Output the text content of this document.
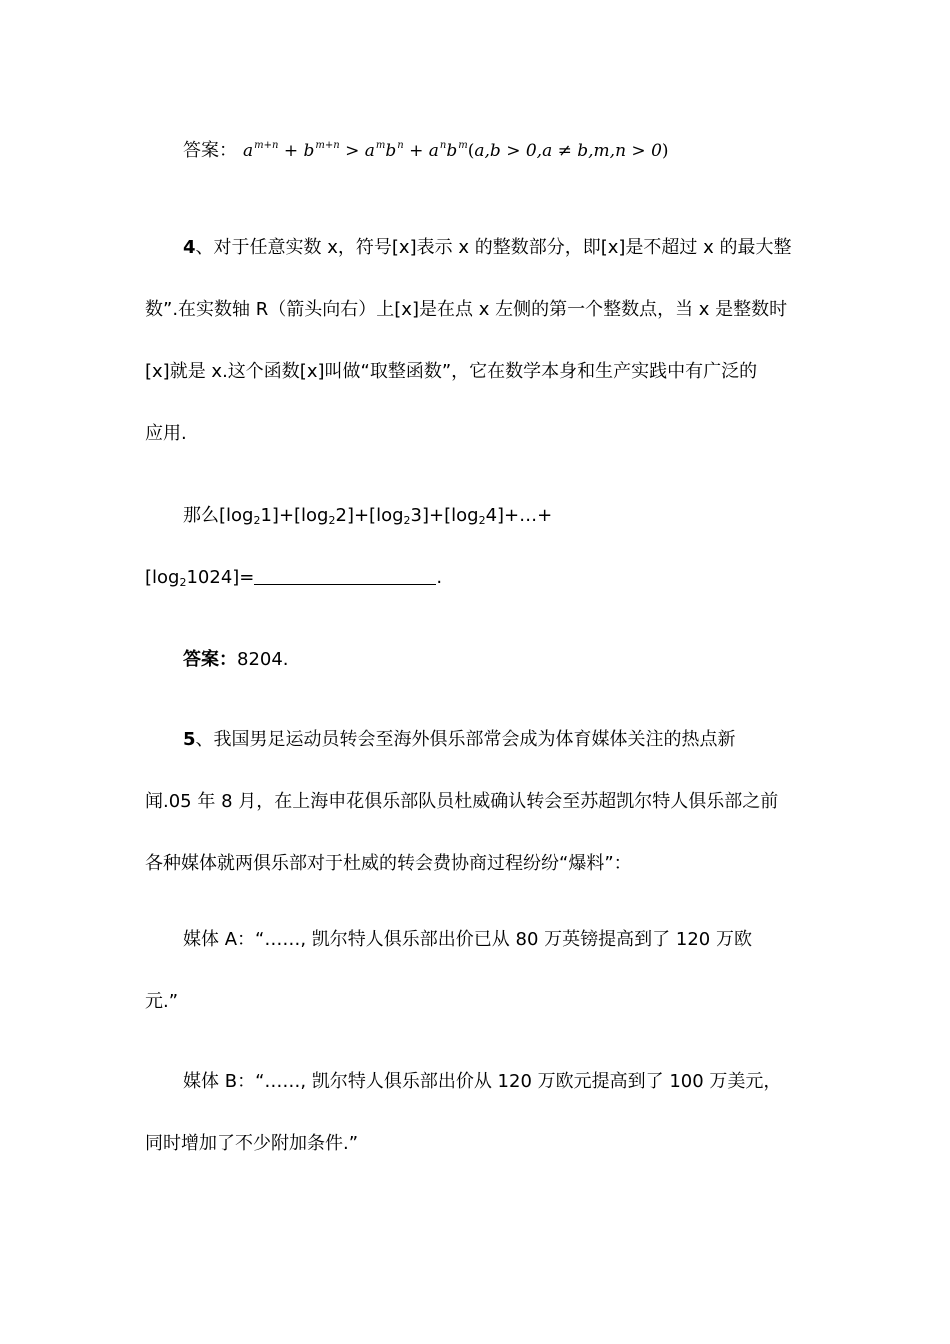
答案： $a^{m+n} + b^{m+n} > a^mb^n + a^nb^m(a,b > 0,a \ne b,m,n > 0)$
4、对于任意实数 x，符号[x]表示 x 的整数部分，即[x]是不超过 x 的最大整
数”.在实数轴 R（箭头向右）上[x]是在点 x 左侧的第一个整数点，当 x 是整数时
[x]就是 x.这个函数[x]叫做“取整函数”，它在数学本身和生产实践中有广泛的
应用.
那么$[\log_21]+[\log_22]+[\log_23]+[\log_24]+\dots+$
$[\log_21024]=$	.
答案：8204.
5、我国男足运动员转会至海外俱乐部常会成为体育媒体关注的热点新
闻.05 年 8 月，在上海申花俱乐部队员杜威确认转会至苏超凯尔特人俱乐部之前
各种媒体就两俱乐部对于杜威的转会费协商过程纷纷“爆料”：
媒体 A：“……, 凯尔特人俱乐部出价已从 80 万英镑提高到了 120 万欧
元.”
媒体 B：“……, 凯尔特人俱乐部出价从 120 万欧元提高到了 100 万美元，
同时增加了不少附加条件.”
